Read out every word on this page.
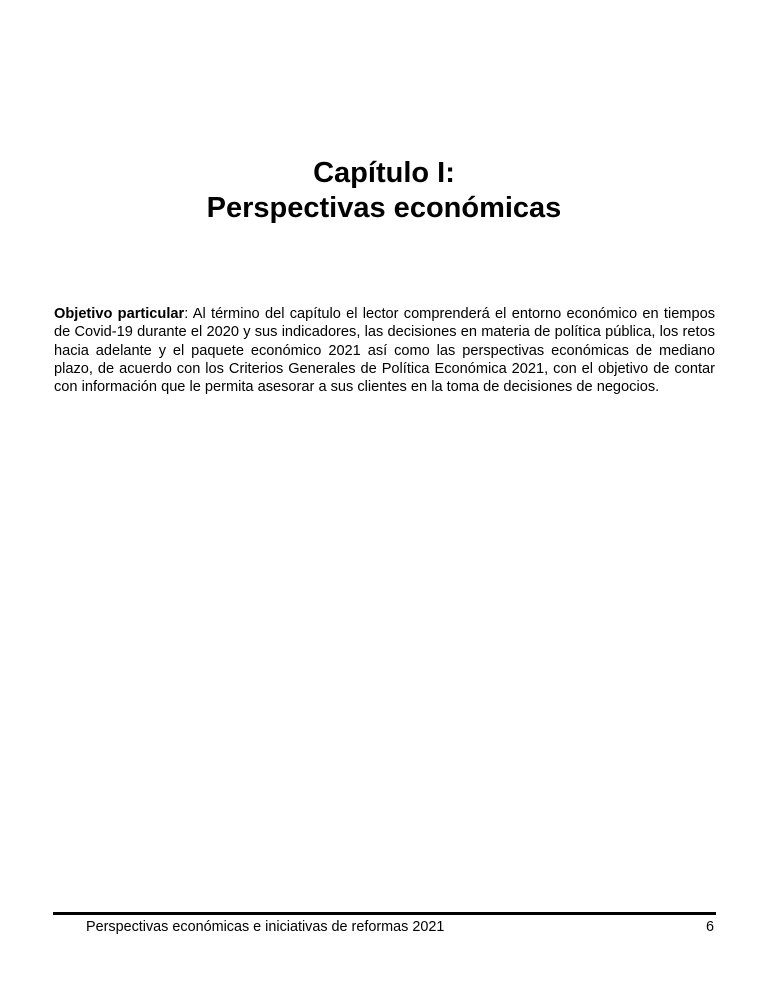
Capítulo I:
Perspectivas económicas

Objetivo particular: Al término del capítulo el lector comprenderá el entorno económico en tiempos de Covid-19 durante el 2020 y sus indicadores, las decisiones en materia de política pública, los retos hacia adelante y el paquete económico 2021 así como las perspectivas económicas de mediano plazo, de acuerdo con los Criterios Generales de Política Económica 2021, con el objetivo de contar con información que le permita asesorar a sus clientes en la toma de decisiones de negocios.

Perspectivas económicas e iniciativas de reformas 2021	6
